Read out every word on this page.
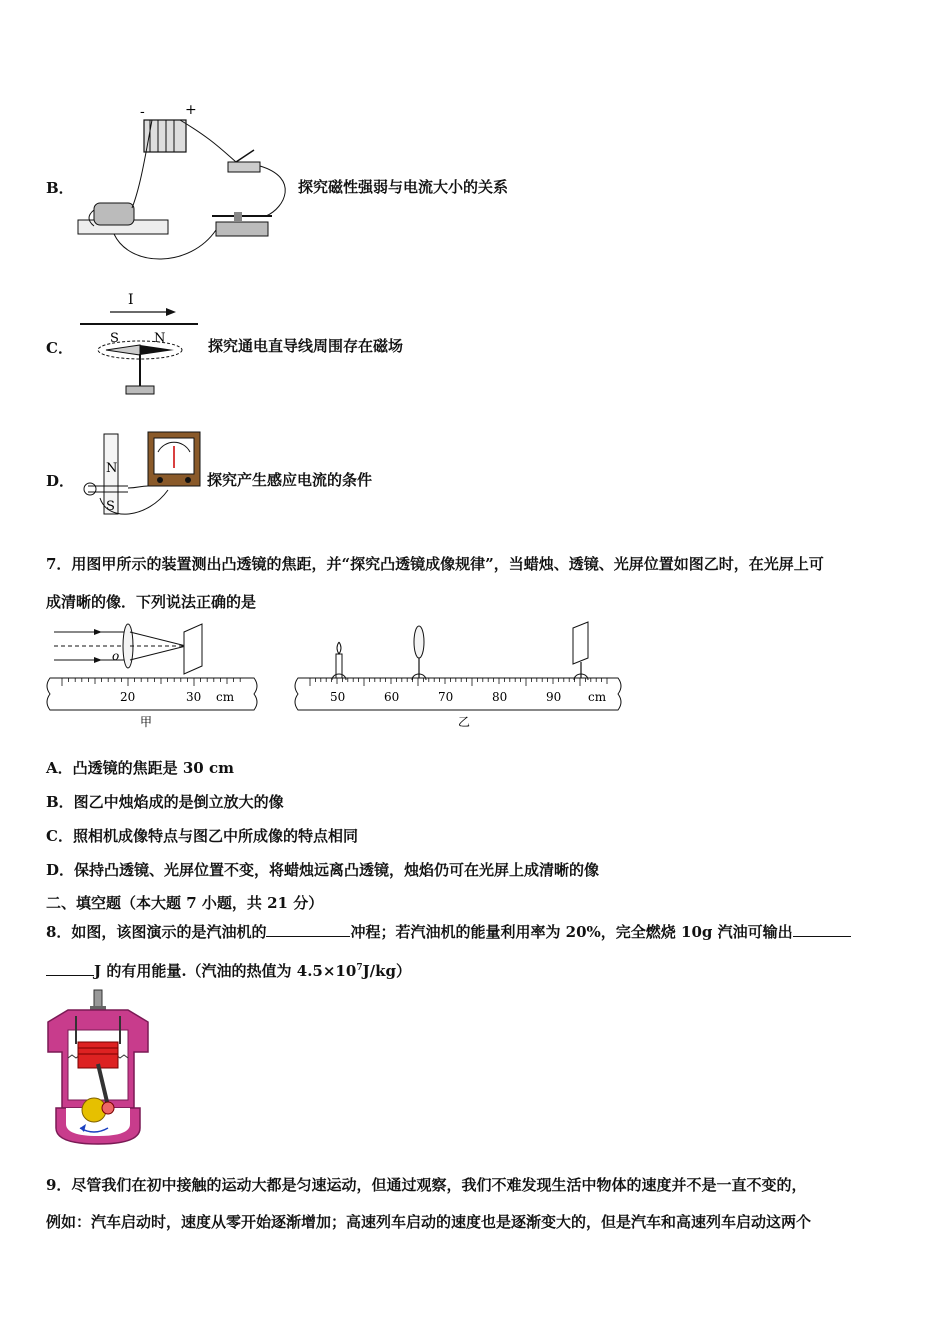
B．
-	+
探究磁性强弱与电流大小的关系
C．
I
S	N	探究通电直导线周围存在磁场
D．
N
S
探究产生感应电流的条件
7．用图甲所示的装置测出凸透镜的焦距，并“探究凸透镜成像规律”，当蜡烛、透镜、光屏位置如图乙时，在光屏上可
成清晰的像．下列说法正确的是
o
20	30 cm
甲
50	60	70	80	90 cm
乙
A．凸透镜的焦距是 30 cm
B．图乙中烛焰成的是倒立放大的像
C．照相机成像特点与图乙中所成像的特点相同
D．保持凸透镜、光屏位置不变，将蜡烛远离凸透镜，烛焰仍可在光屏上成清晰的像
二、填空题（本大题 7 小题，共 21 分）
8．如图，该图演示的是汽油机的	冲程；若汽油机的能量利用率为 20%，完全燃烧 10g 汽油可输出
J 的有用能量.（汽油的热值为 $4.5\times 10^7J/kg$）
9．尽管我们在初中接触的运动大都是匀速运动，但通过观察，我们不难发现生活中物体的速度并不是一直不变的，
例如：汽车启动时，速度从零开始逐渐增加；高速列车启动的速度也是逐渐变大的，但是汽车和高速列车启动这两个
